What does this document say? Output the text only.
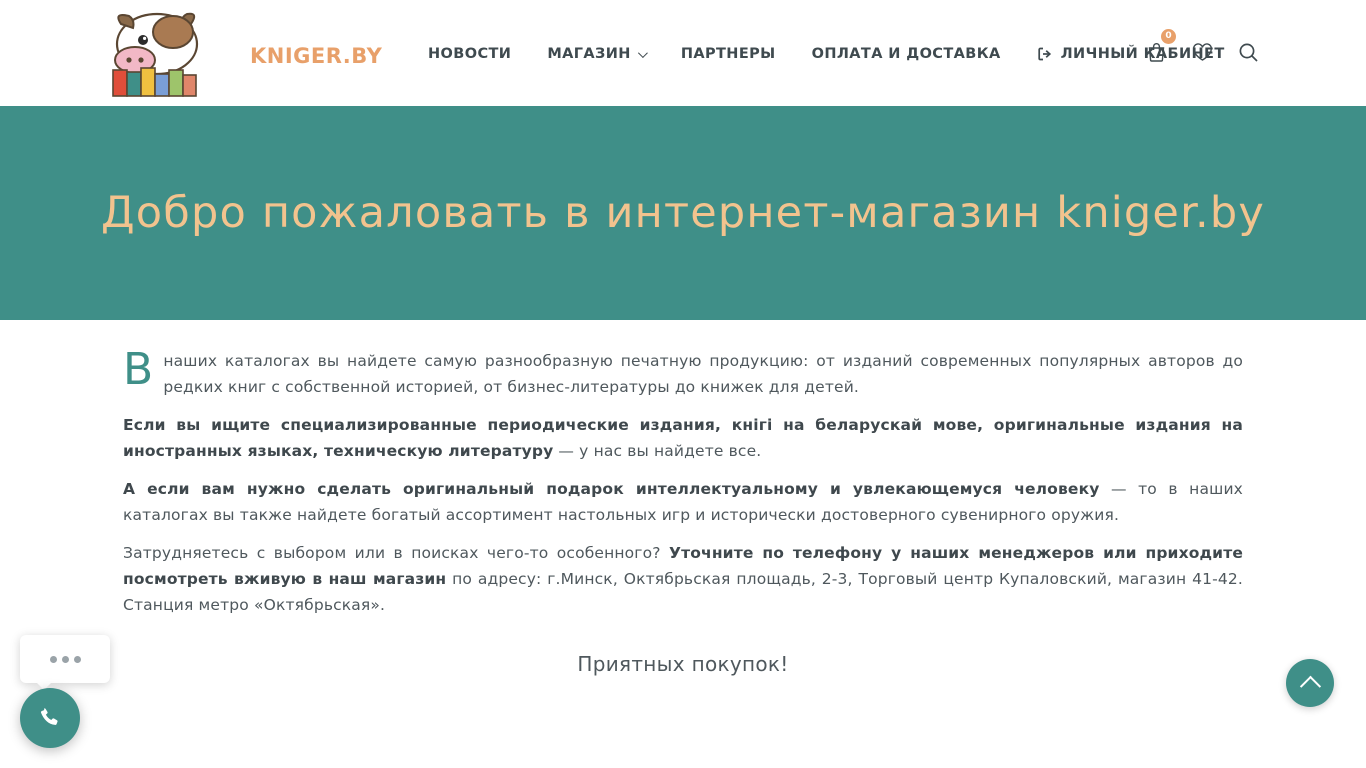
KNIGER.BY	НОВОСТИ МАГАЗИН	ПАРТНЕРЫ ОПЛАТА И ДОСТАВКА	ЛИЧНЫЙ КАБИНЕТ
0
Добро пожаловать в интернет-магазин kniger.by

Внаших каталогах вы найдете самую разнообразную печатную продукцию: от изданий современных популярных авторов до редких книг с собственной историей, от бизнес-литературы до книжек для детей.

Если вы ищите специализированные периодические издания, кнігі на беларускай мове, оригинальные издания на иностранных языках, техническую литературу — у нас вы найдете все.

А если вам нужно сделать оригинальный подарок интеллектуальному и увлекающемуся человеку — то в наших каталогах вы также найдете богатый ассортимент настольных игр и исторически достоверного сувенирного оружия.

Затрудняетесь с выбором или в поисках чего-то особенного? Уточните по телефону у наших менеджеров или приходите посмотреть вживую в наш магазин по адресу: г.Минск, Октябрьская площадь, 2-3, Торговый центр Купаловский, магазин 41-42. Станция метро «Октябрьская».

Приятных покупок!
